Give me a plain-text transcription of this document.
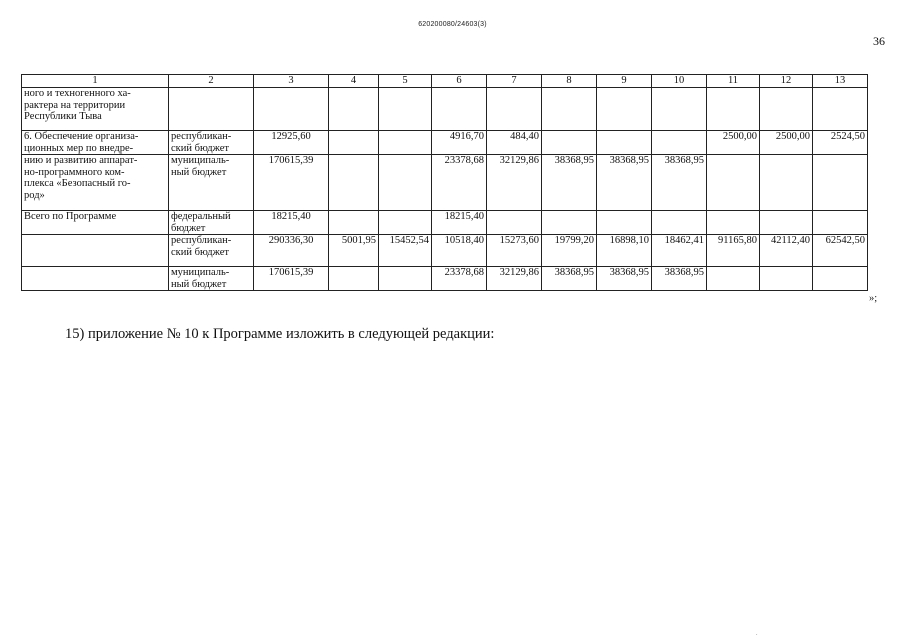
620200080/24603(3)
36
1	2	3	4	5	6	7	8	9	10	11	12	13
ного и техногенного ха-
рактера на территории
Республики Тыва												
6. Обеспечение организа-
ционных мер по внедре-	республикан-
ский бюджет	12925,60			4916,70	484,40				2500,00	2500,00	2524,50
нию и развитию аппарат-
но-программного ком-
плекса «Безопасный го-
род»	муниципаль-
ный бюджет	170615,39			23378,68	32129,86	38368,95	38368,95	38368,95			
Всего по Программе	федеральный
бюджет	18215,40			18215,40							
	республикан-
ский бюджет	290336,30	5001,95	15452,54	10518,40	15273,60	19799,20	16898,10	18462,41	91165,80	42112,40	62542,50
	муниципаль-
ный бюджет	170615,39			23378,68	32129,86	38368,95	38368,95	38368,95			
»;
15) приложение № 10 к Программе изложить в следующей редакции:
.
